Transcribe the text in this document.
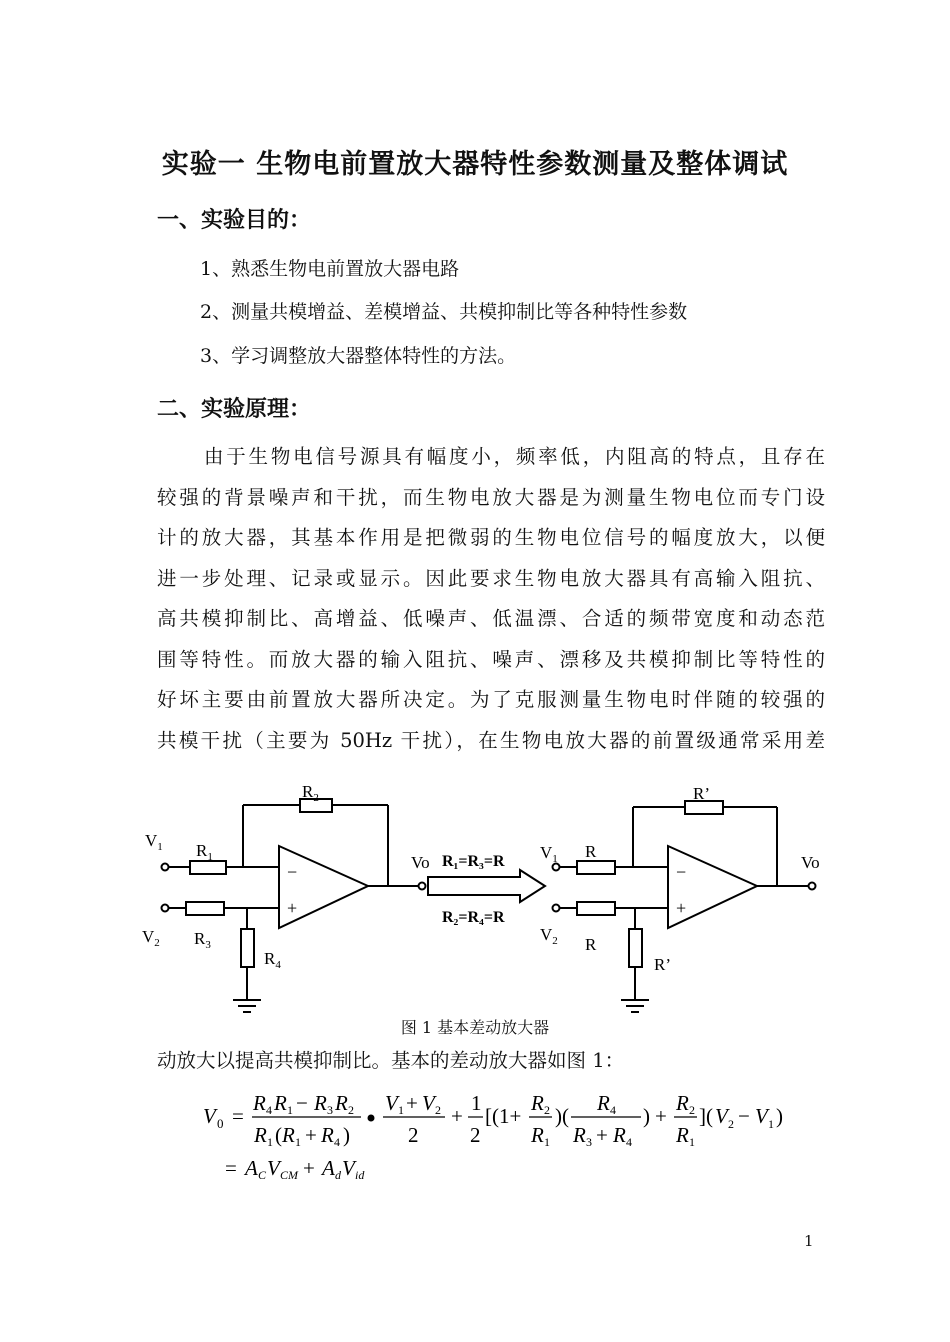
实验一 生物电前置放大器特性参数测量及整体调试
一、实验目的：
1、熟悉生物电前置放大器电路
2、测量共模增益、差模增益、共模抑制比等各种特性参数
3、学习调整放大器整体特性的方法。
二、实验原理：

由于生物电信号源具有幅度小，频率低，内阻高的特点，且存在

较强的背景噪声和干扰，而生物电放大器是为测量生物电位而专门设

计的放大器，其基本作用是把微弱的生物电位信号的幅度放大，以便

进一步处理、记录或显示。因此要求生物电放大器具有高输入阻抗、

高共模抑制比、高增益、低噪声、低温漂、合适的频带宽度和动态范

围等特性。而放大器的输入阻抗、噪声、漂移及共模抑制比等特性的

好坏主要由前置放大器所决定。为了克服测量生物电时伴随的较强的

共模干扰（主要为 50Hz 干扰），在生物电放大器的前置级通常采用差

$V_1$
$V_2$
$R_1$
$R_2$
$R_3$
$R_4$
−
+
Vo R₁=R₃=R
R₂=R₄=R
$V_1$
$V_2$
R
R
R’
R’
−
+
Vo
图 1 基本差动放大器
动放大以提高共模抑制比。基本的差动放大器如图 1：
V 0 =
R 4 R 1 − R 3 R 2
R 1 ( R 1 + R 4 )
V 1 + V 2
2
+
1
2
[(1+
R 2
R 1
)(
R 4
R 3 + R 4
) +
R 2
R 1
]( V 2 − V 1 )
= A C V CM + A d V id
1
